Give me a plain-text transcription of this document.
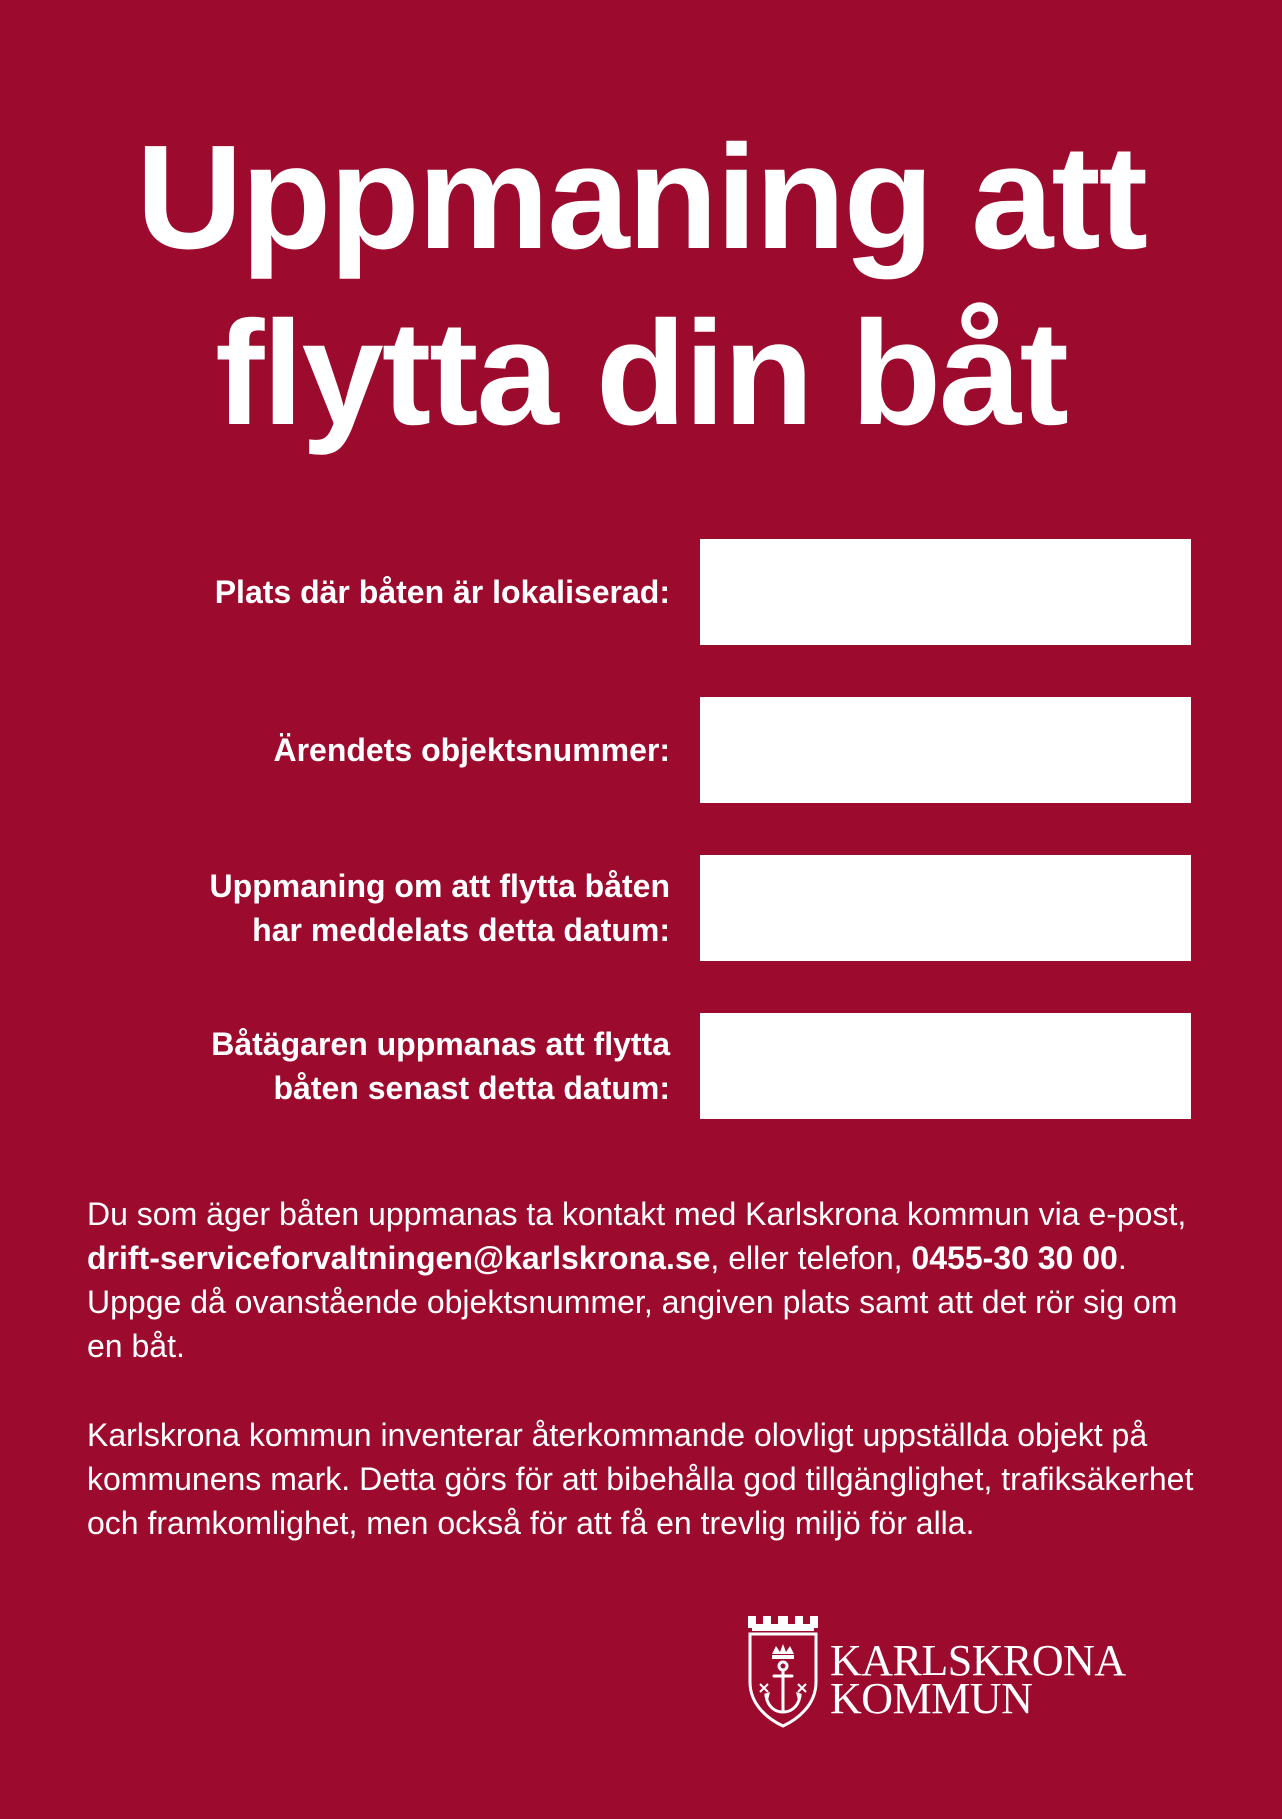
Uppmaning att
flytta din båt
Plats där båten är lokaliserad:
Ärendets objektsnummer:
Uppmaning om att flytta båten
har meddelats detta datum:
Båtägaren uppmanas att flytta
båten senast detta datum:

Du som äger båten uppmanas ta kontakt med Karlskrona kommun via e-post, drift-serviceforvaltningen@karlskrona.se, eller telefon, 0455-30 30 00. Uppge då ovanstående objektsnummer, angiven plats samt att det rör sig om en båt.

Karlskrona kommun inventerar återkommande olovligt uppställda objekt på kommunens mark. Detta görs för att bibehålla god tillgänglighet, trafiksäkerhet och framkomlighet, men också för att få en trevlig miljö för alla.

KARLSKRONA
KOMMUN
